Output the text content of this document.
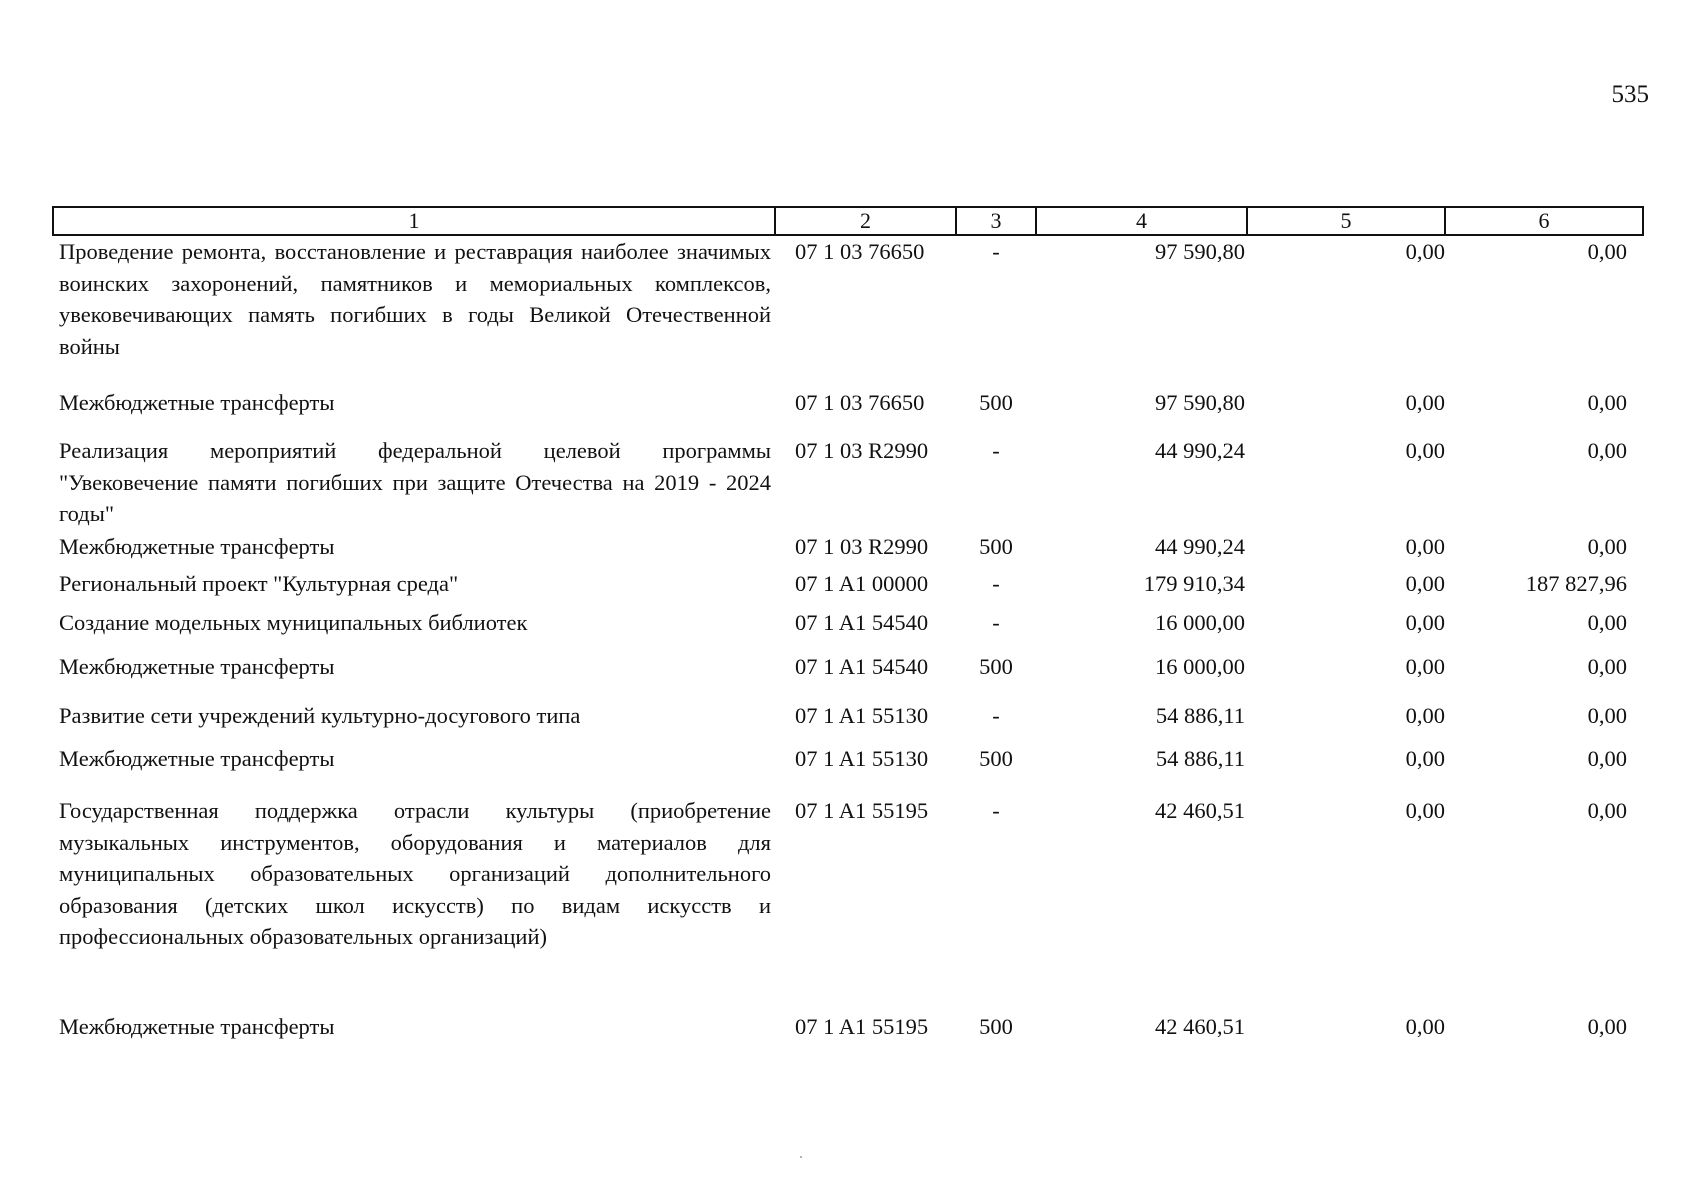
535
1	2	3	4	5	6
Проведение ремонта, восстановление и реставрация наиболее значимых воинских захоронений, памятников и мемориальных комплексов, увековечивающих память погибших в годы Великой Отечественной войны	07 1 03 76650	-	97 590,80	0,00	0,00
Межбюджетные трансферты	07 1 03 76650	500	97 590,80	0,00	0,00
Реализация мероприятий федеральной целевой программы "Увековечение памяти погибших при защите Отечества на 2019 - 2024 годы"	07 1 03 R2990	-	44 990,24	0,00	0,00
Межбюджетные трансферты	07 1 03 R2990	500	44 990,24	0,00	0,00
Региональный проект "Культурная среда"	07 1 A1 00000	-	179 910,34	0,00	187 827,96
Создание модельных муниципальных библиотек	07 1 A1 54540	-	16 000,00	0,00	0,00
Межбюджетные трансферты	07 1 A1 54540	500	16 000,00	0,00	0,00
Развитие сети учреждений культурно-досугового типа	07 1 A1 55130	-	54 886,11	0,00	0,00
Межбюджетные трансферты	07 1 A1 55130	500	54 886,11	0,00	0,00
Государственная поддержка отрасли культуры (приобретение музыкальных инструментов, оборудования и материалов для муниципальных образовательных организаций дополнительного образования (детских школ искусств) по видам искусств и профессиональных образовательных организаций)	07 1 A1 55195	-	42 460,51	0,00	0,00
Межбюджетные трансферты	07 1 A1 55195	500	42 460,51	0,00	0,00
